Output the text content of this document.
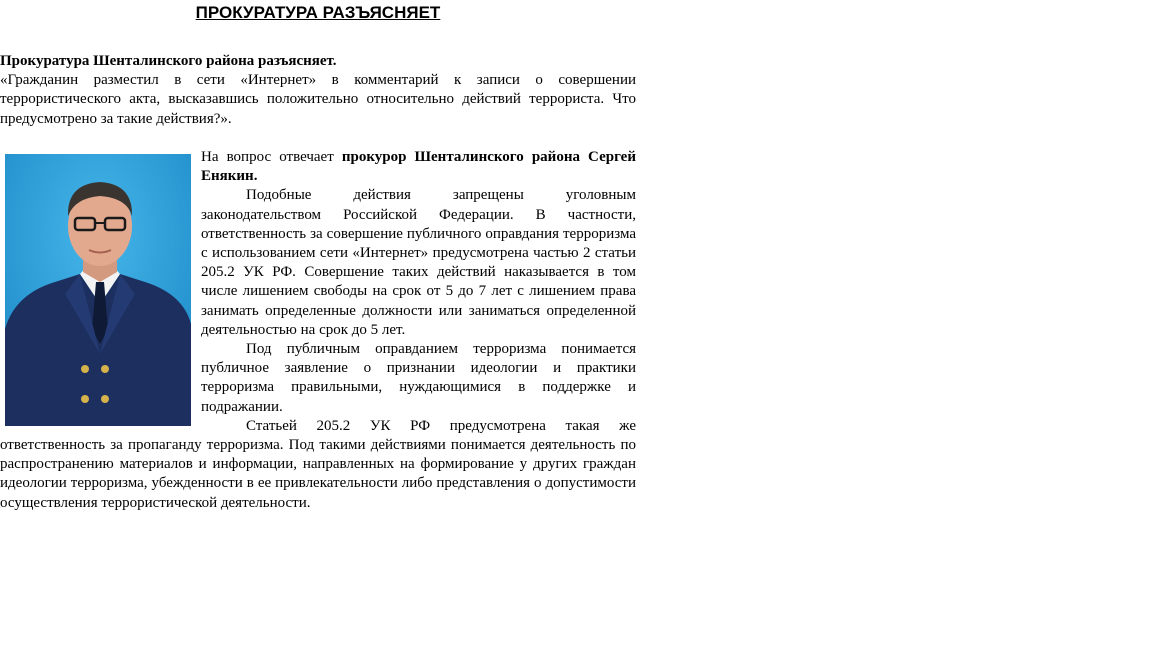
ПРОКУРАТУРА РАЗЪЯСНЯЕТ

Прокуратура Шенталинского района разъясняет.

«Гражданин разместил в сети «Интернет» в комментарий к записи о совершении террористического акта, высказавшись положительно относительно действий террориста. Что предусмотрено за такие действия?».

На вопрос отвечает прокурор Шенталинского района Сергей Енякин.

Подобные действия запрещены уголовным законодательством Российской Федерации. В частности, ответственность за совершение публичного оправдания терроризма с использованием сети «Интернет» предусмотрена частью 2 статьи 205.2 УК РФ. Совершение таких действий наказывается в том числе лишением свободы на срок от 5 до 7 лет с лишением права занимать определенные должности или заниматься определенной деятельностью на срок до 5 лет.

Под публичным оправданием терроризма понимается публичное заявление о признании идеологии и практики терроризма правильными, нуждающимися в поддержке и подражании.

Статьей 205.2 УК РФ предусмотрена такая же ответственность за пропаганду терроризма. Под такими действиями понимается деятельность по распространению материалов и информации, направленных на формирование у других граждан идеологии терроризма, убежденности в ее привлекательности либо представления о допустимости осуществления террористической деятельности.
